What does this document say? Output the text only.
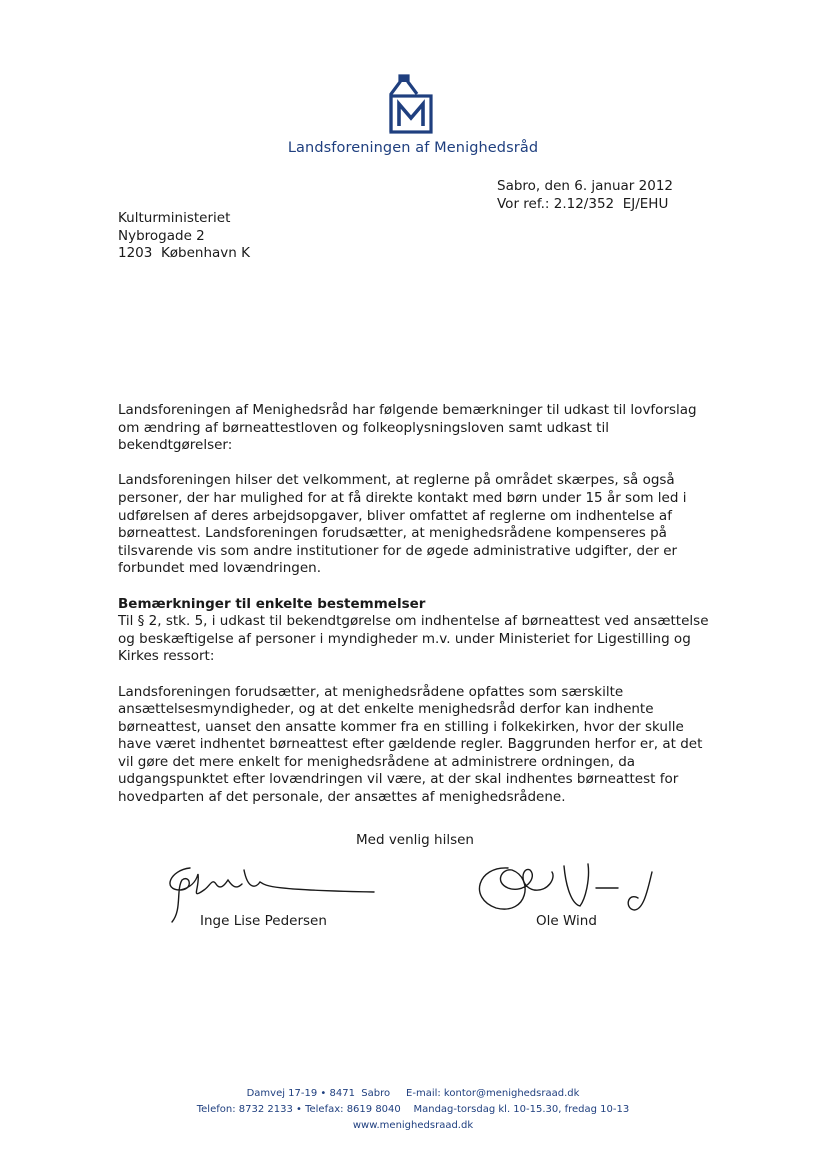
Landsforeningen af Menighedsråd
Sabro, den 6. januar 2012
Vor ref.: 2.12/352  EJ/EHU
Kulturministeriet
Nybrogade 2
1203  København K

Landsforeningen af Menighedsråd har følgende bemærkninger til udkast til lovforslag om ændring af børneattestloven og folkeoplysningsloven samt udkast til bekendtgørelser:

Landsforeningen hilser det velkomment, at reglerne på området skærpes, så også personer, der har mulighed for at få direkte kontakt med børn under 15 år som led i udførelsen af deres arbejdsopgaver, bliver omfattet af reglerne om indhentelse af børneattest. Landsforeningen forudsætter, at menighedsrådene kompenseres på tilsvarende vis som andre institutioner for de øgede administrative udgifter, der er forbundet med lovændringen.

Bemærkninger til enkelte bestemmelser

Til § 2, stk. 5, i udkast til bekendtgørelse om indhentelse af børneattest ved ansættelse og beskæftigelse af personer i myndigheder m.v. under Ministeriet for Ligestilling og Kirkes ressort:

Landsforeningen forudsætter, at menighedsrådene opfattes som særskilte ansættelsesmyndigheder, og at det enkelte menighedsråd derfor kan indhente børneattest, uanset den ansatte kommer fra en stilling i folkekirken, hvor der skulle have været indhentet børneattest efter gældende regler. Baggrunden herfor er, at det vil gøre det mere enkelt for menighedsrådene at administrere ordningen, da udgangspunktet efter lovændringen vil være, at der skal indhentes børneattest for hovedparten af det personale, der ansættes af menighedsrådene.

Med venlig hilsen
Inge Lise Pedersen	Ole Wind
Damvej 17-19 • 8471  Sabro     E-mail: kontor@menighedsraad.dk
Telefon: 8732 2133 • Telefax: 8619 8040    Mandag-torsdag kl. 10-15.30, fredag 10-13
www.menighedsraad.dk
